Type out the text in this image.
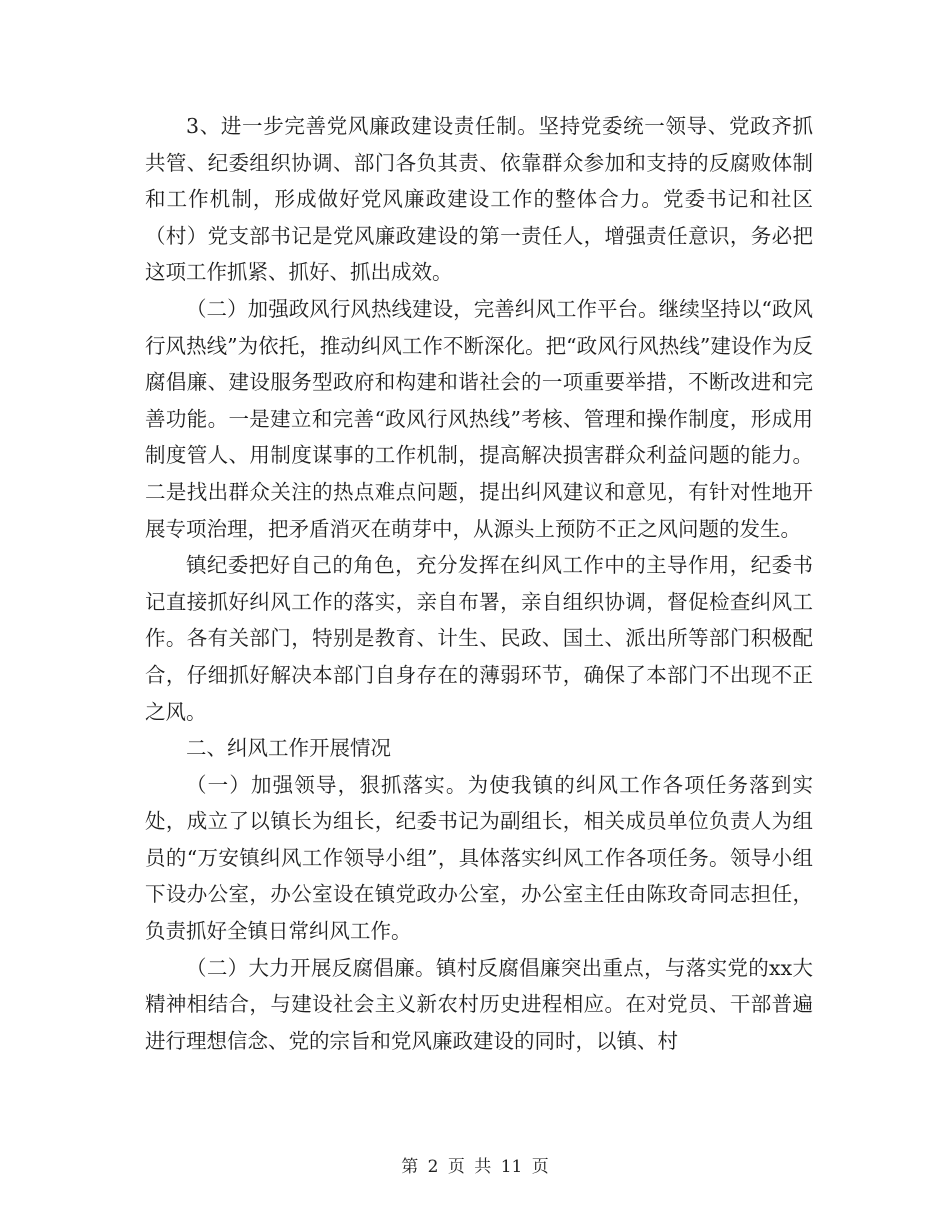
3、进一步完善党风廉政建设责任制。坚持党委统一领导、党政齐抓共管、纪委组织协调、部门各负其责、依靠群众参加和支持的反腐败体制和工作机制，形成做好党风廉政建设工作的整体合力。党委书记和社区（村）党支部书记是党风廉政建设的第一责任人，增强责任意识，务必把这项工作抓紧、抓好、抓出成效。

（二）加强政风行风热线建设，完善纠风工作平台。继续坚持以“政风行风热线”为依托，推动纠风工作不断深化。把“政风行风热线”建设作为反腐倡廉、建设服务型政府和构建和谐社会的一项重要举措，不断改进和完善功能。一是建立和完善“政风行风热线”考核、管理和操作制度，形成用制度管人、用制度谋事的工作机制，提高解决损害群众利益问题的能力。二是找出群众关注的热点难点问题，提出纠风建议和意见，有针对性地开展专项治理，把矛盾消灭在萌芽中，从源头上预防不正之风问题的发生。

镇纪委把好自己的角色，充分发挥在纠风工作中的主导作用，纪委书记直接抓好纠风工作的落实，亲自布署，亲自组织协调，督促检查纠风工作。各有关部门，特别是教育、计生、民政、国土、派出所等部门积极配合，仔细抓好解决本部门自身存在的薄弱环节，确保了本部门不出现不正之风。

二、纠风工作开展情况

（一）加强领导，狠抓落实。为使我镇的纠风工作各项任务落到实处，成立了以镇长为组长，纪委书记为副组长，相关成员单位负责人为组员的“万安镇纠风工作领导小组”，具体落实纠风工作各项任务。领导小组下设办公室，办公室设在镇党政办公室，办公室主任由陈玫奇同志担任，负责抓好全镇日常纠风工作。

（二）大力开展反腐倡廉。镇村反腐倡廉突出重点，与落实党的xx大精神相结合，与建设社会主义新农村历史进程相应。在对党员、干部普遍进行理想信念、党的宗旨和党风廉政建设的同时，以镇、村

第 2 页 共 11 页
